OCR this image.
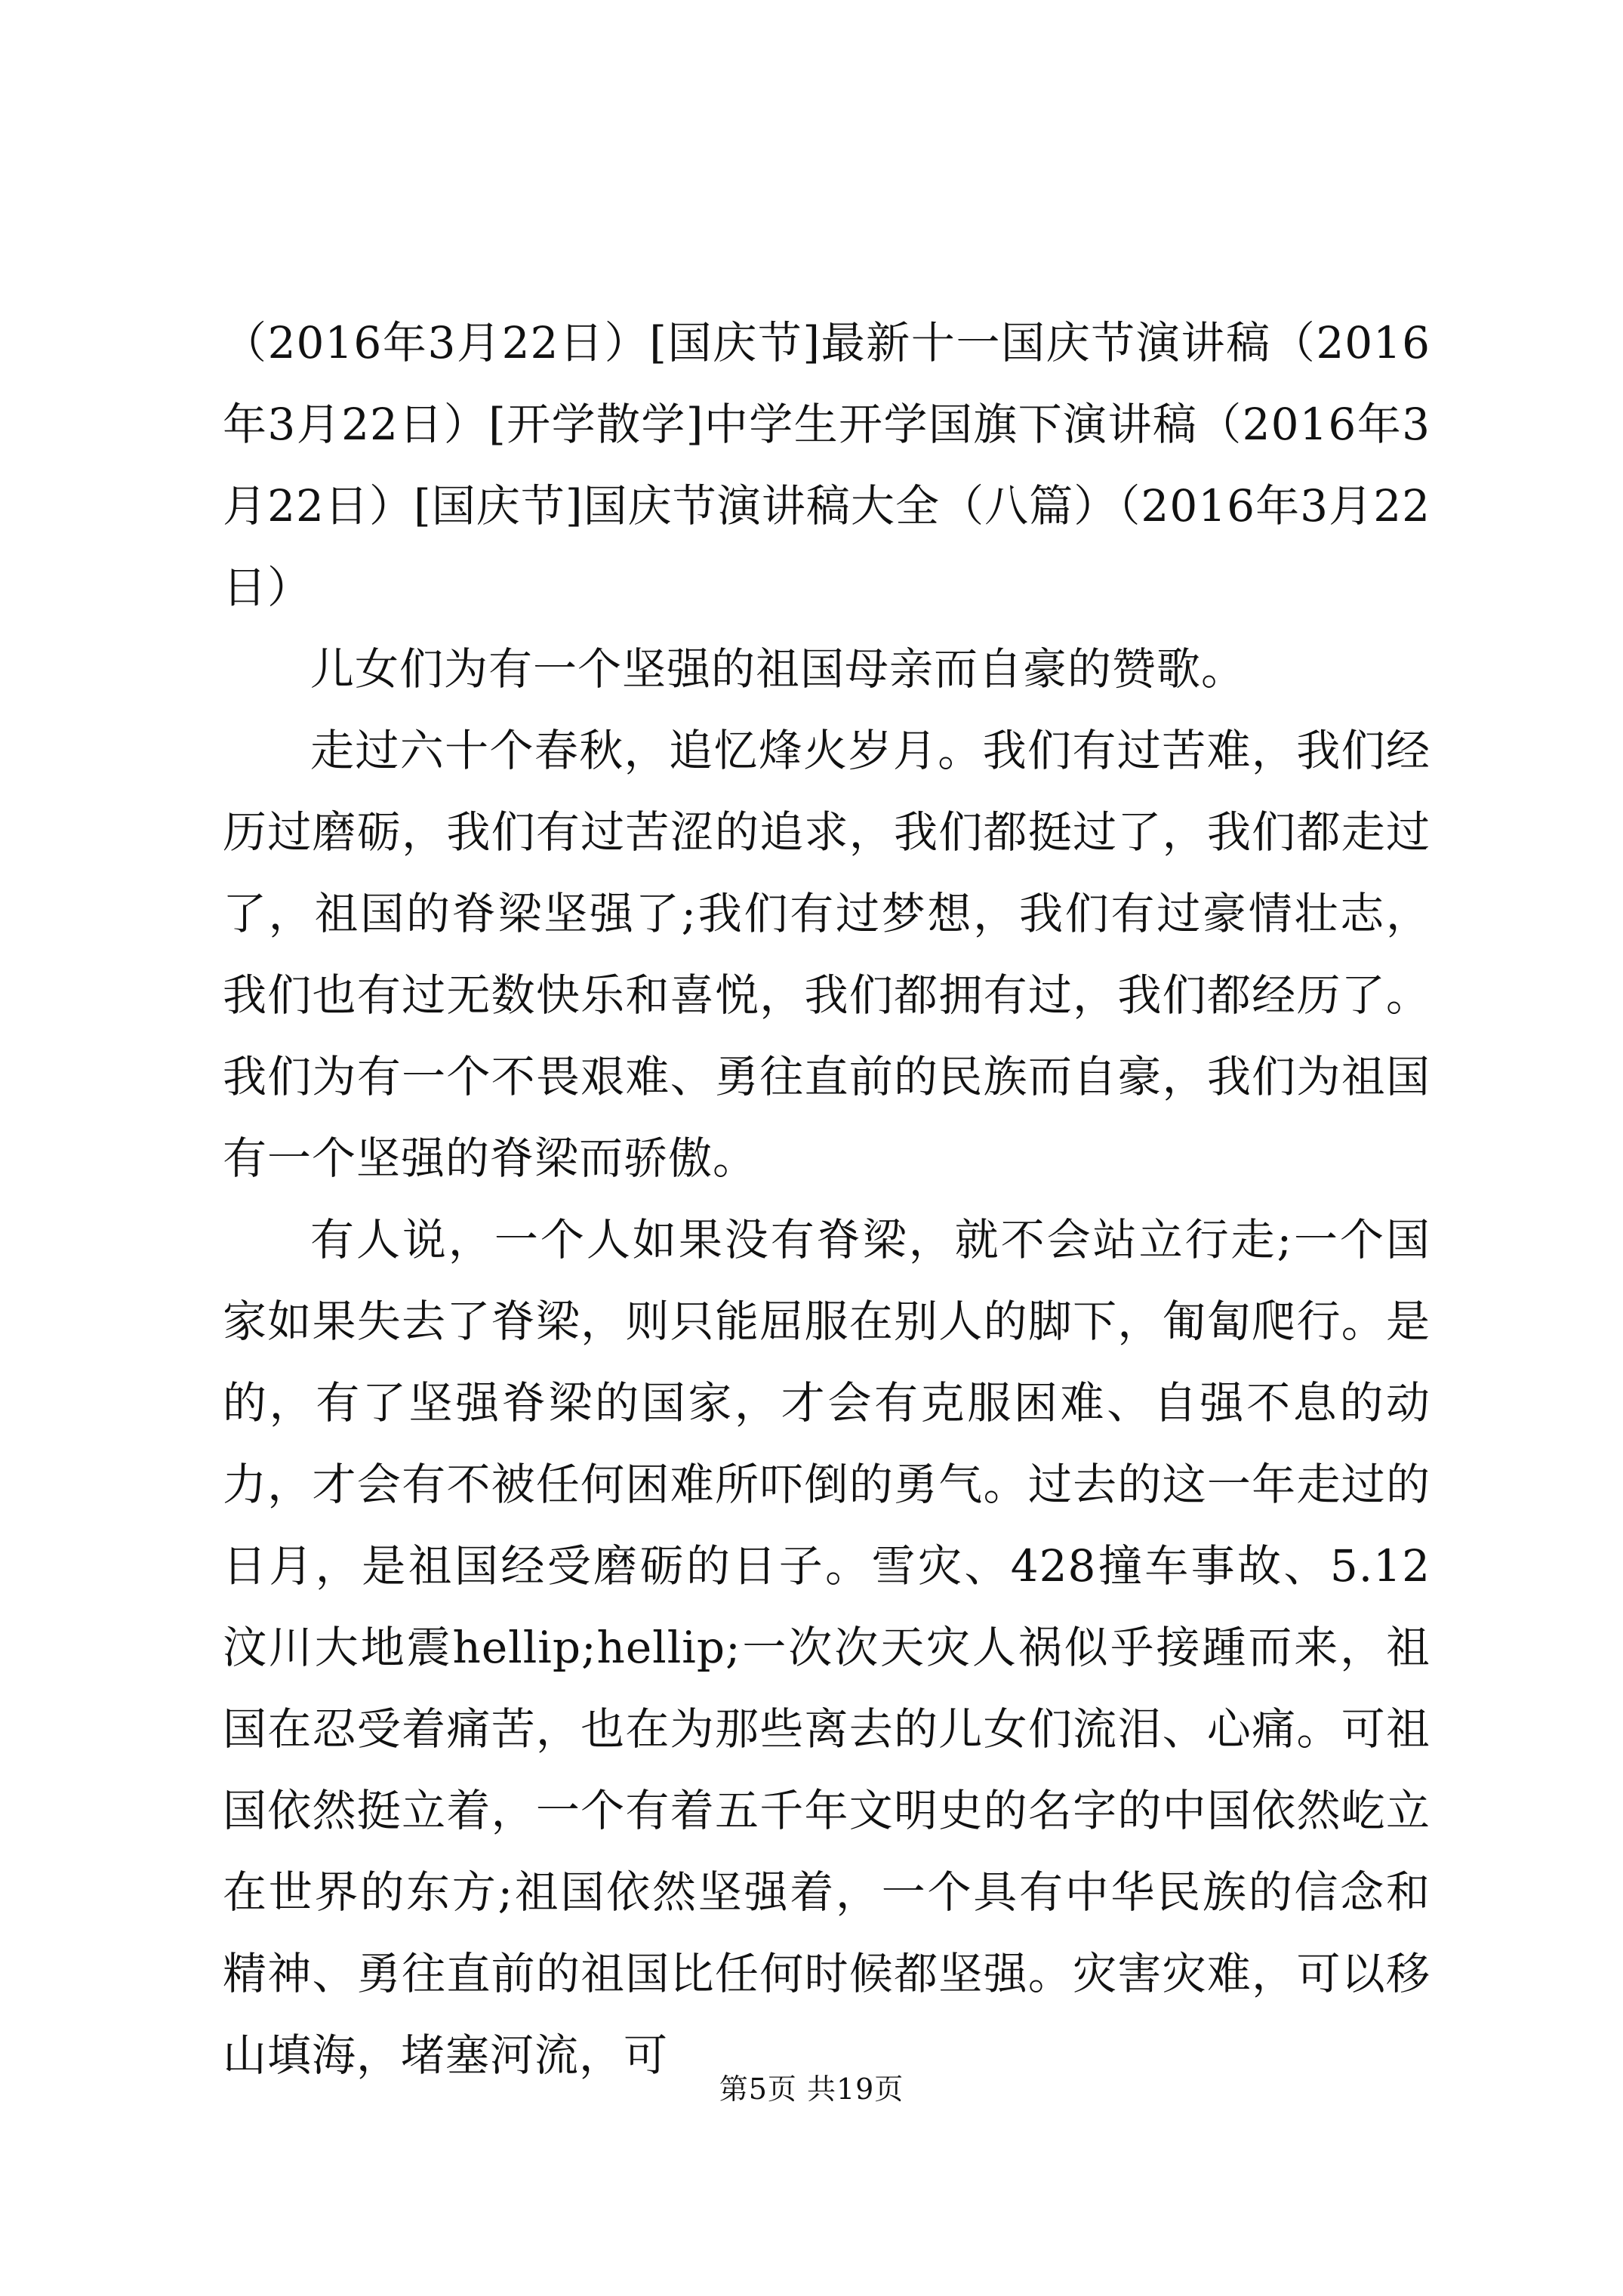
（2016年3月22日）[国庆节]最新十一国庆节演讲稿（2016年3月22日）[开学散学]中学生开学国旗下演讲稿（2016年3月22日）[国庆节]国庆节演讲稿大全（八篇）（2016年3月22日）

儿女们为有一个坚强的祖国母亲而自豪的赞歌。

走过六十个春秋，追忆烽火岁月。我们有过苦难，我们经历过磨砺，我们有过苦涩的追求，我们都挺过了，我们都走过了，祖国的脊梁坚强了;我们有过梦想，我们有过豪情壮志，我们也有过无数快乐和喜悦，我们都拥有过，我们都经历了。我们为有一个不畏艰难、勇往直前的民族而自豪，我们为祖国有一个坚强的脊梁而骄傲。

有人说，一个人如果没有脊梁，就不会站立行走;一个国家如果失去了脊梁，则只能屈服在别人的脚下，匍匐爬行。是的，有了坚强脊梁的国家，才会有克服困难、自强不息的动力，才会有不被任何困难所吓倒的勇气。过去的这一年走过的日月，是祖国经受磨砺的日子。雪灾、428撞车事故、5.12汶川大地震hellip;hellip;一次次天灾人祸似乎接踵而来，祖国在忍受着痛苦，也在为那些离去的儿女们流泪、心痛。可祖国依然挺立着，一个有着五千年文明史的名字的中国依然屹立在世界的东方;祖国依然坚强着，一个具有中华民族的信念和精神、勇往直前的祖国比任何时候都坚强。灾害灾难，可以移山填海，堵塞河流，可

第5页 共19页
